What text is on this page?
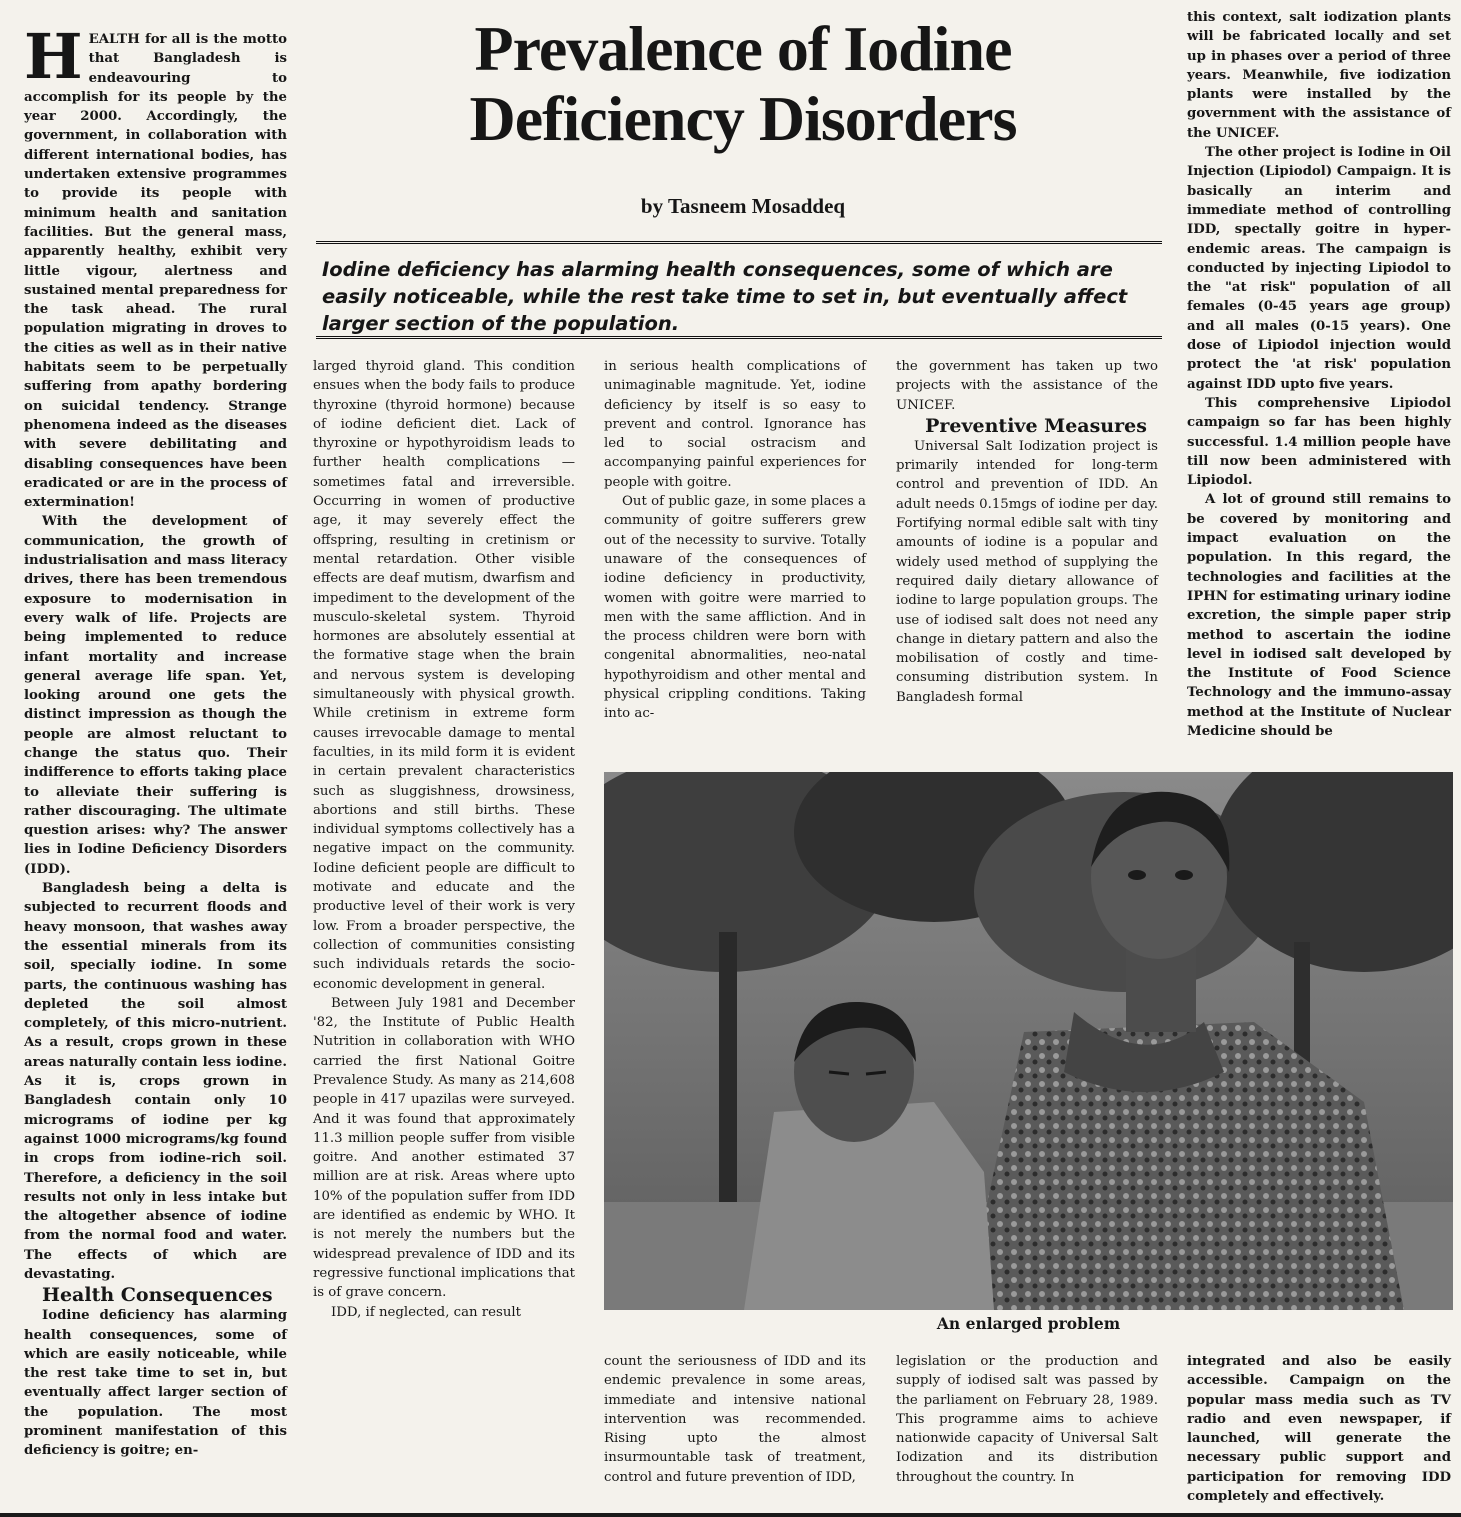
Prevalence of Iodine
Deficiency Disorders
by Tasneem Mosaddeq

Iodine deficiency has alarming health consequences, some of which are easily noticeable, while the rest take time to set in, but eventually affect larger section of the population.

HEALTH for all is the motto that Bangladesh is endeavouring to accomplish for its people by the year 2000. Accordingly, the government, in collaboration with different international bodies, has undertaken extensive programmes to provide its people with minimum health and sanitation facilities. But the general mass, apparently healthy, exhibit very little vigour, alertness and sustained mental preparedness for the task ahead. The rural population migrating in droves to the cities as well as in their native habitats seem to be perpetually suffering from apathy bordering on suicidal tendency. Strange phenomena indeed as the diseases with severe debilitating and disabling consequences have been eradicated or are in the process of extermination!

With the development of communication, the growth of industrialisation and mass literacy drives, there has been tremendous exposure to modernisation in every walk of life. Projects are being implemented to reduce infant mortality and increase general average life span. Yet, looking around one gets the distinct impression as though the people are almost reluctant to change the status quo. Their indifference to efforts taking place to alleviate their suffering is rather discouraging. The ultimate question arises: why? The answer lies in Iodine Deficiency Disorders (IDD).

Bangladesh being a delta is subjected to recurrent floods and heavy monsoon, that washes away the essential minerals from its soil, specially iodine. In some parts, the continuous washing has depleted the soil almost completely, of this micro-nutrient. As a result, crops grown in these areas naturally contain less iodine. As it is, crops grown in Bangladesh contain only 10 micrograms of iodine per kg against 1000 micrograms/kg found in crops from iodine-rich soil. Therefore, a deficiency in the soil results not only in less intake but the altogether absence of iodine from the normal food and water. The effects of which are devastating.

Health Consequences

Iodine deficiency has alarming health consequences, some of which are easily noticeable, while the rest take time to set in, but eventually affect larger section of the population. The most prominent manifestation of this deficiency is goitre; en-

larged thyroid gland. This condition ensues when the body fails to produce thyroxine (thyroid hormone) because of iodine deficient diet. Lack of thyroxine or hypothyroidism leads to further health complications — sometimes fatal and irreversible. Occurring in women of productive age, it may severely effect the offspring, resulting in cretinism or mental retardation. Other visible effects are deaf mutism, dwarfism and impediment to the development of the musculo-skeletal system. Thyroid hormones are absolutely essential at the formative stage when the brain and nervous system is developing simultaneously with physical growth. While cretinism in extreme form causes irrevocable damage to mental faculties, in its mild form it is evident in certain prevalent characteristics such as sluggishness, drowsiness, abortions and still births. These individual symptoms collectively has a negative impact on the community. Iodine deficient people are difficult to motivate and educate and the productive level of their work is very low. From a broader perspective, the collection of communities consisting such individuals retards the socio-economic development in general.

Between July 1981 and December '82, the Institute of Public Health Nutrition in collaboration with WHO carried the first National Goitre Prevalence Study. As many as 214,608 people in 417 upazilas were surveyed. And it was found that approximately 11.3 million people suffer from visible goitre. And another estimated 37 million are at risk. Areas where upto 10% of the population suffer from IDD are identified as endemic by WHO. It is not merely the numbers but the widespread prevalence of IDD and its regressive functional implications that is of grave concern.

IDD, if neglected, can result

in serious health complications of unimaginable magnitude. Yet, iodine deficiency by itself is so easy to prevent and control. Ignorance has led to social ostracism and accompanying painful experiences for people with goitre.

Out of public gaze, in some places a community of goitre sufferers grew out of the necessity to survive. Totally unaware of the consequences of iodine deficiency in productivity, women with goitre were married to men with the same affliction. And in the process children were born with congenital abnormalities, neo-natal hypothyroidism and other mental and physical crippling conditions. Taking into ac-

the government has taken up two projects with the assistance of the UNICEF.

Preventive Measures

Universal Salt Iodization project is primarily intended for long-term control and prevention of IDD. An adult needs 0.15mgs of iodine per day. Fortifying normal edible salt with tiny amounts of iodine is a popular and widely used method of supplying the required daily dietary allowance of iodine to large population groups. The use of iodised salt does not need any change in dietary pattern and also the mobilisation of costly and time-consuming distribution system. In Bangladesh formal

this context, salt iodization plants will be fabricated locally and set up in phases over a period of three years. Meanwhile, five iodization plants were installed by the government with the assistance of the UNICEF.

The other project is Iodine in Oil Injection (Lipiodol) Campaign. It is basically an interim and immediate method of controlling IDD, spectally goitre in hyper-endemic areas. The campaign is conducted by injecting Lipiodol to the "at risk" population of all females (0-45 years age group) and all males (0-15 years). One dose of Lipiodol injection would protect the 'at risk' population against IDD upto five years.

This comprehensive Lipiodol campaign so far has been highly successful. 1.4 million people have till now been administered with Lipiodol.

A lot of ground still remains to be covered by monitoring and impact evaluation on the population. In this regard, the technologies and facilities at the IPHN for estimating urinary iodine excretion, the simple paper strip method to ascertain the iodine level in iodised salt developed by the Institute of Food Science Technology and the immuno-assay method at the Institute of Nuclear Medicine should be

An enlarged problem

count the seriousness of IDD and its endemic prevalence in some areas, immediate and intensive national intervention was recommended. Rising upto the almost insurmountable task of treatment, control and future prevention of IDD,

legislation or the production and supply of iodised salt was passed by the parliament on February 28, 1989. This programme aims to achieve nationwide capacity of Universal Salt Iodization and its distribution throughout the country. In

integrated and also be easily accessible. Campaign on the popular mass media such as TV radio and even newspaper, if launched, will generate the necessary public support and participation for removing IDD completely and effectively.
